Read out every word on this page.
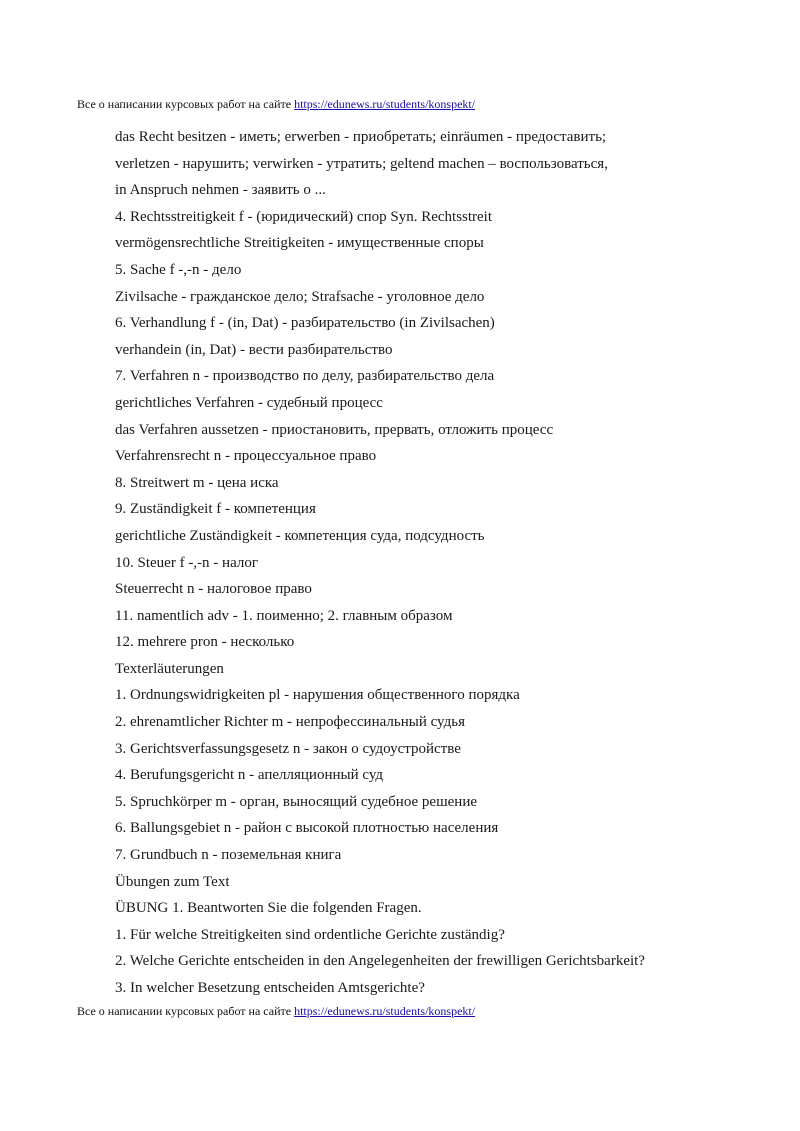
Все о написании курсовых работ на сайте https://edunews.ru/students/konspekt/
das Recht besitzen - иметь; erwerben - приобретать; einräumen - предоставить;
verletzen - нарушить; verwirken - утратить; geltend machen – воспользоваться,
in Anspruch nehmen - заявить о ...
4. Rechtsstreitigkeit f - (юридический) спор Syn. Rechtsstreit
vermögensrechtliche Streitigkeiten - имущественные споры
5. Sache f -,-n - дело
Zivilsache - гражданское дело; Strafsache - уголовное дело
6. Verhandlung f - (in, Dat) - разбирательство (in Zivilsachen)
verhandein (in, Dat) - вести разбирательство
7. Verfahren n - производство по делу, разбирательство дела
gerichtliches Verfahren - судебный процесс
das Verfahren aussetzen - приостановить, прервать, отложить процесс
Verfahrensrecht n - процессуальное право
8. Streitwert m - цена иска
9. Zuständigkeit f - компетенция
gerichtliche Zuständigkeit - компетенция суда, подсудность
10. Steuer f -,-n - налог
Steuerrecht n - налоговое право
11. namentlich adv - 1. поименно; 2. главным образом
12. mehrere pron - несколько
Texterläuterungen
1. Ordnungswidrigkeiten pl - нарушения общественного порядка
2. ehrenamtlicher Richter m - непрофессинальный судья
3. Gerichtsverfassungsgesetz n - закон о судоустройстве
4. Berufungsgericht n - апелляционный суд
5. Spruchkörper m - орган, выносящий судебное решение
6. Ballungsgebiet n - район с высокой плотностью населения
7. Grundbuch n - поземельная книга
Übungen zum Text
ÜBUNG 1. Beantworten Sie die folgenden Fragen.
1. Für welche Streitigkeiten sind ordentliche Gerichte zuständig?
2. Welche Gerichte entscheiden in den Angelegenheiten der frewilligen Gerichtsbarkeit?
3. In welcher Besetzung entscheiden Amtsgerichte?
Все о написании курсовых работ на сайте https://edunews.ru/students/konspekt/
